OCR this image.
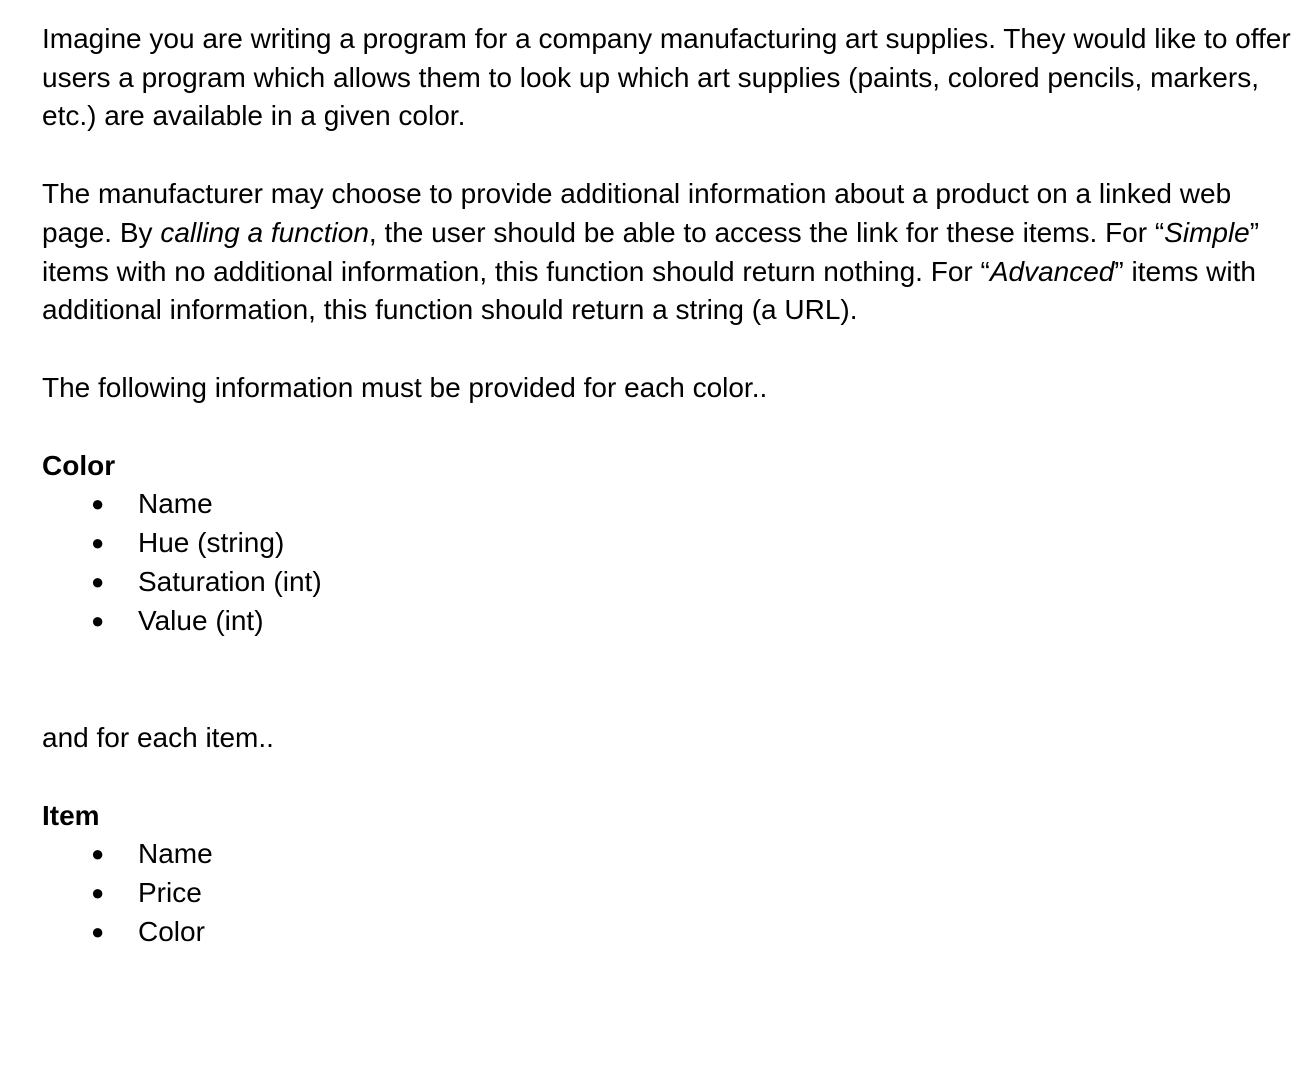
Imagine you are writing a program for a company manufacturing art supplies. They would like to offer users a program which allows them to look up which art supplies (paints, colored pencils, markers, etc.) are available in a given color.

The manufacturer may choose to provide additional information about a product on a linked web page. By calling a function, the user should be able to access the link for these items. For “Simple” items with no additional information, this function should return nothing. For “Advanced” items with additional information, this function should return a string (a URL).

The following information must be provided for each color..

Color

● Name
● Hue (string)
● Saturation (int)
● Value (int)

and for each item..

Item

● Name
● Price
● Color
